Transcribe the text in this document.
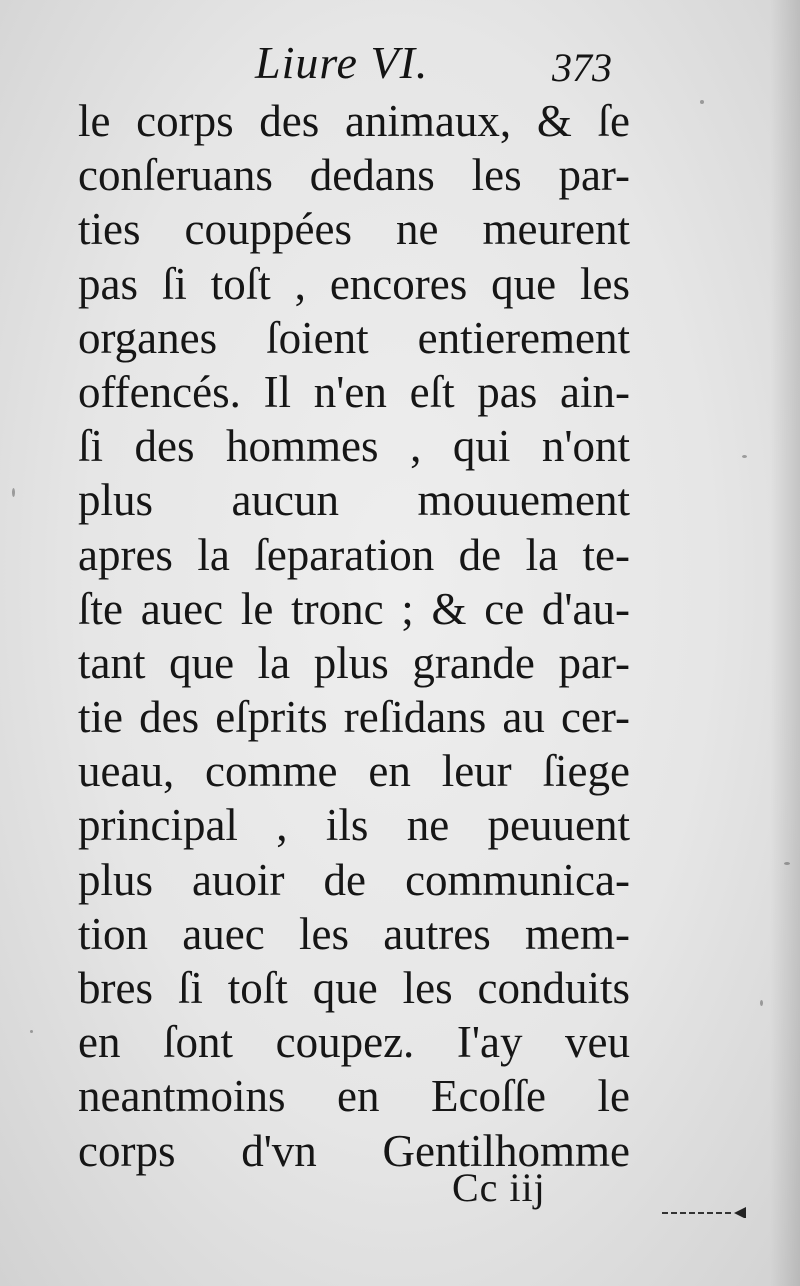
Liure VI.	373
le corps des animaux, & ſe
conſeruans dedans les par-
ties couppées ne meurent
pas ſi toſt , encores que les
organes ſoient entierement
offencés. Il n'en eſt pas ain-
ſi des hommes , qui n'ont
plus aucun mouuement
apres la ſeparation de la te-
ſte auec le tronc ; & ce d'au-
tant que la plus grande par-
tie des eſprits reſidans au cer-
ueau, comme en leur ſiege
principal , ils ne peuuent
plus auoir de communica-
tion auec les autres mem-
bres ſi toſt que les conduits
en ſont coupez. I'ay veu
neantmoins en Ecoſſe le
corps d'vn Gentilhomme
Cc iij
